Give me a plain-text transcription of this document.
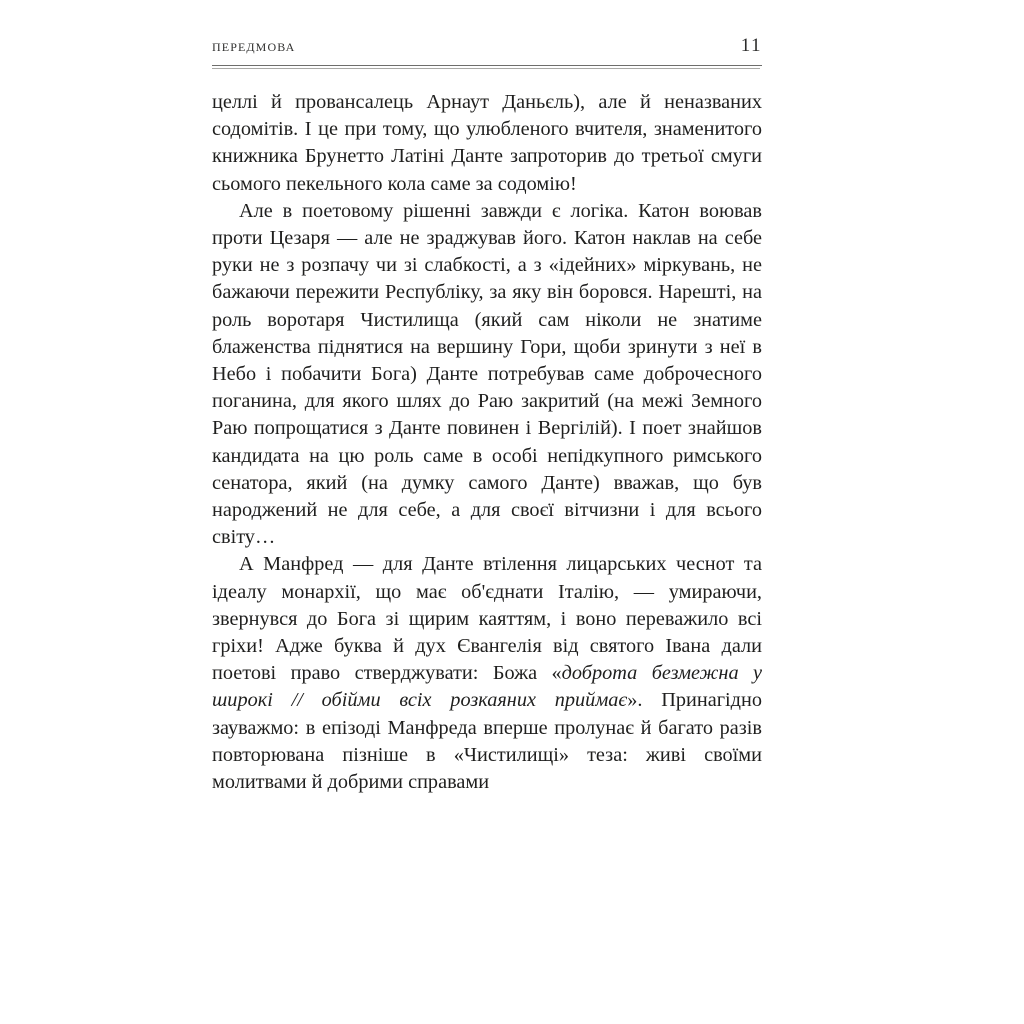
передмова	11

целлі й провансалець Арнаут Даньєль), але й неназваних содомітів. І це при тому, що улюбленого вчителя, знаменитого книжника Брунетто Латіні Данте запроторив до третьої смуги сьомого пекельного кола саме за содомію!

Але в поетовому рішенні завжди є логіка. Катон воював проти Цезаря — але не зраджував його. Катон наклав на себе руки не з розпачу чи зі слабкості, а з «ідейних» міркувань, не бажаючи пережити Республіку, за яку він боровся. Нарешті, на роль воротаря Чистилища (який сам ніколи не знатиме блаженства піднятися на вершину Гори, щоби зринути з неї в Небо і побачити Бога) Данте потребував саме доброчесного поганина, для якого шлях до Раю закритий (на межі Земного Раю попрощатися з Данте повинен і Вергілій). І поет знайшов кандидата на цю роль саме в особі непідкупного римського сенатора, який (на думку самого Данте) вважав, що був народжений не для себе, а для своєї вітчизни і для всього світу…

А Манфред — для Данте втілення лицарських чеснот та ідеалу монархії, що має об'єднати Італію, — умираючи, звернувся до Бога зі щирим каяттям, і воно переважило всі гріхи! Адже буква й дух Євангелія від святого Івана дали поетові право стверджувати: Божа «доброта безмежна у широкі // обійми всіх розкаяних приймає». Принагідно зауважмо: в епізоді Манфреда вперше пролунає й багато разів повторювана пізніше в «Чистилищі» теза: живі своїми молитвами й добрими справами
